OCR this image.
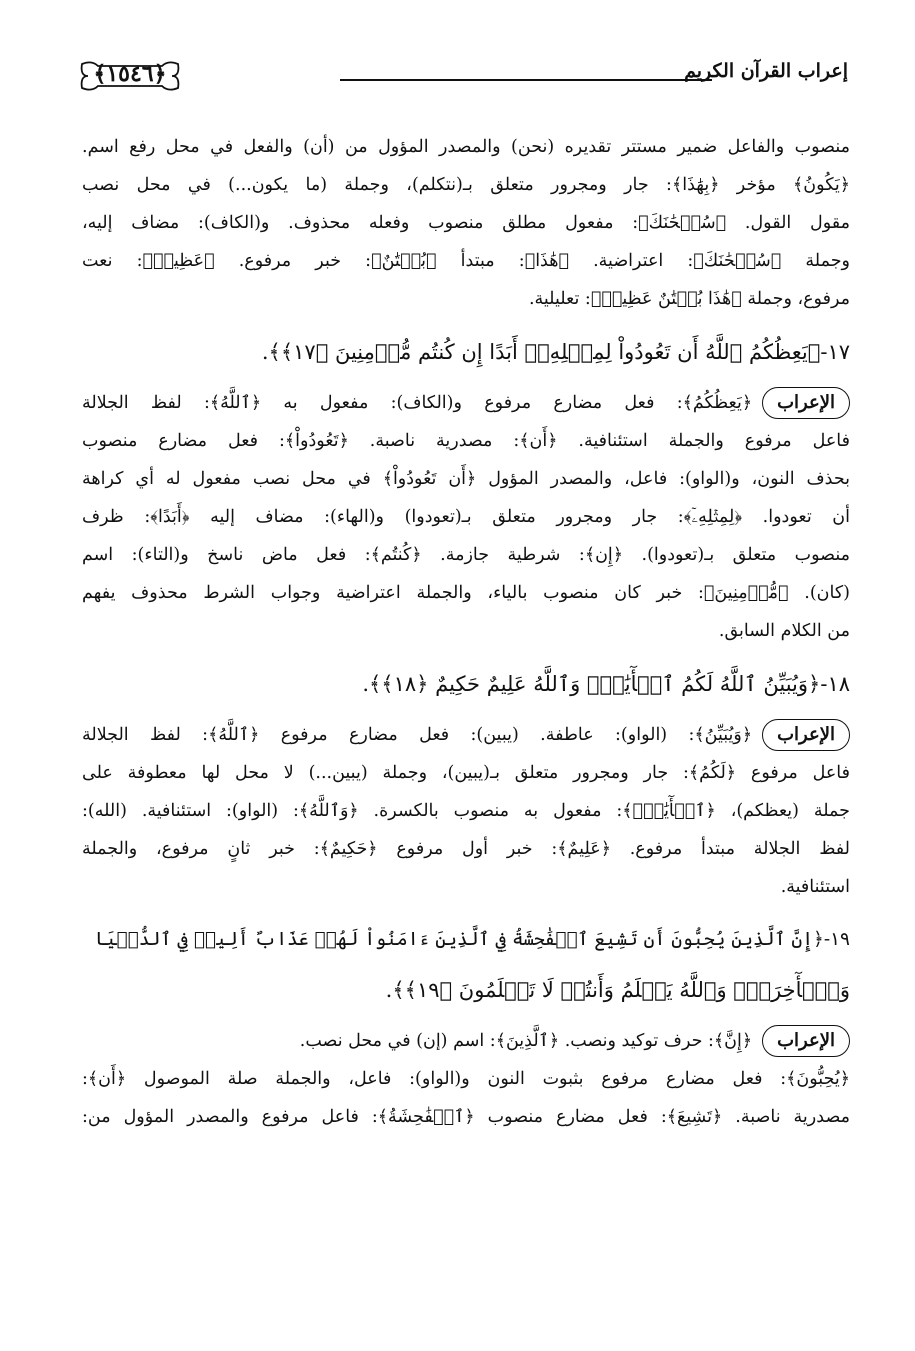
إعراب القرآن الكريم
﴿١٥٤٦﴾
منصوب والفاعل ضمير مستتر تقديره (نحن) والمصدر المؤول من (أن) والفعل في محل رفع اسم.
﴿يَكُونُ﴾ مؤخر ﴿بِهَٰذَا﴾: جار ومجرور متعلق بـ(نتكلم)، وجملة (ما يكون...) في محل نصب
مقول القول. ﴿سُبۡحَٰنَكَ﴾: مفعول مطلق منصوب وفعله محذوف. و(الكاف): مضاف إليه،
وجملة ﴿سُبۡحَٰنَكَ﴾: اعتراضية. ﴿هَٰذَا﴾: مبتدأ ﴿بُهۡتَٰنٌ﴾: خبر مرفوع. ﴿عَظِيمٞ﴾: نعت
مرفوع، وجملة ﴿هَٰذَا بُهۡتَٰنٌ عَظِيمٞ﴾: تعليلية.
١٧-﴿يَعِظُكُمُ ٱللَّهُ أَن تَعُودُواْ لِمِثۡلِهِۦٓ أَبَدًا إِن كُنتُم مُّؤۡمِنِينَ ﴿١٧﴾﴾.
الإعراب
﴿يَعِظُكُمُ﴾: فعل مضارع مرفوع و(الكاف): مفعول به ﴿ٱللَّهُ﴾: لفظ الجلالة
فاعل مرفوع والجملة استئنافية. ﴿أَن﴾: مصدرية ناصبة. ﴿تَعُودُواْ﴾: فعل مضارع منصوب
بحذف النون، و(الواو): فاعل، والمصدر المؤول ﴿أَن تَعُودُواْ﴾ في محل نصب مفعول له أي كراهة
أن تعودوا. ﴿لِمِثۡلِهِۦٓ﴾: جار ومجرور متعلق بـ(تعودوا) و(الهاء): مضاف إليه ﴿أَبَدًا﴾: ظرف
منصوب متعلق بـ(تعودوا). ﴿إِن﴾: شرطية جازمة. ﴿كُنتُم﴾: فعل ماض ناسخ و(التاء): اسم
(كان). ﴿مُّؤۡمِنِينَ﴾: خبر كان منصوب بالياء، والجملة اعتراضية وجواب الشرط محذوف يفهم
من الكلام السابق.
١٨-﴿وَيُبَيِّنُ ٱللَّهُ لَكُمُ ٱلۡأٓيَٰتِۚ وَٱللَّهُ عَلِيمٌ حَكِيمٌ ﴿١٨﴾﴾.
الإعراب
﴿وَيُبَيِّنُ﴾: (الواو): عاطفة. (يبين): فعل مضارع مرفوع ﴿ٱللَّهُ﴾: لفظ الجلالة
فاعل مرفوع ﴿لَكُمُ﴾: جار ومجرور متعلق بـ(يبين)، وجملة (يبين...) لا محل لها معطوفة على
جملة (يعظكم)، ﴿ٱلۡأٓيَٰتِۚ﴾: مفعول به منصوب بالكسرة. ﴿وَٱللَّهُ﴾: (الواو): استئنافية. (الله):
لفظ الجلالة مبتدأ مرفوع. ﴿عَلِيمٌ﴾: خبر أول مرفوع ﴿حَكِيمٌ﴾: خبر ثانٍ مرفوع، والجملة
استئنافية.
١٩-﴿إِنَّ ٱلَّذِينَ يُحِبُّونَ أَن تَشِيعَ ٱلۡفَٰحِشَةُ فِي ٱلَّذِينَ ءَامَنُواْ لَهُمۡ عَذَابٌ أَلِيمٞ فِي ٱلدُّنۡيَا
وَٱلۡأٓخِرَةِۚ وَٱللَّهُ يَعۡلَمُ وَأَنتُمۡ لَا تَعۡلَمُونَ ﴿١٩﴾﴾.
الإعراب
﴿إِنَّ﴾: حرف توكيد ونصب. ﴿ٱلَّذِينَ﴾: اسم (إن) في محل نصب.
﴿يُحِبُّونَ﴾: فعل مضارع مرفوع بثبوت النون و(الواو): فاعل، والجملة صلة الموصول ﴿أَن﴾:
مصدرية ناصبة. ﴿تَشِيعَ﴾: فعل مضارع منصوب ﴿ٱلۡفَٰحِشَةُ﴾: فاعل مرفوع والمصدر المؤول من:
